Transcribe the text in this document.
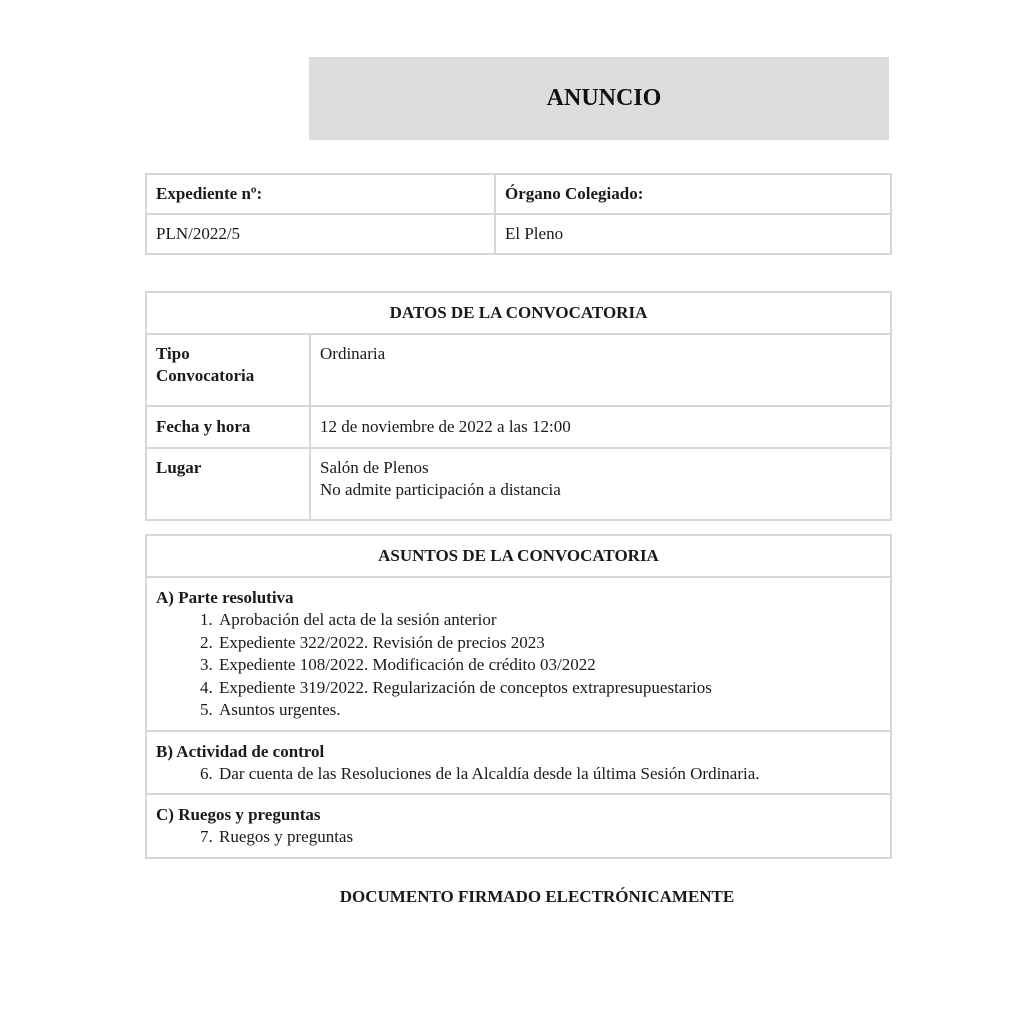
ANUNCIO
Expediente nº:	Órgano Colegiado:
PLN/2022/5	El Pleno
DATOS DE LA CONVOCATORIA	
Tipo
Convocatoria	Ordinaria
Fecha y hora	12 de noviembre de 2022 a las 12:00
Lugar	Salón de Plenos
No admite participación a distancia
ASUNTOS DE LA CONVOCATORIA

A) Parte resolutiva
1. Aprobación del acta de la sesión anterior
2. Expediente 322/2022. Revisión de precios 2023
3. Expediente 108/2022. Modificación de crédito 03/2022
4. Expediente 319/2022. Regularización de conceptos extrapresupuestarios
5. Asuntos urgentes.

B) Actividad de control
6. Dar cuenta de las Resoluciones de la Alcaldía desde la última Sesión Ordinaria.

C) Ruegos y preguntas
7. Ruegos y preguntas
DOCUMENTO FIRMADO ELECTRÓNICAMENTE
